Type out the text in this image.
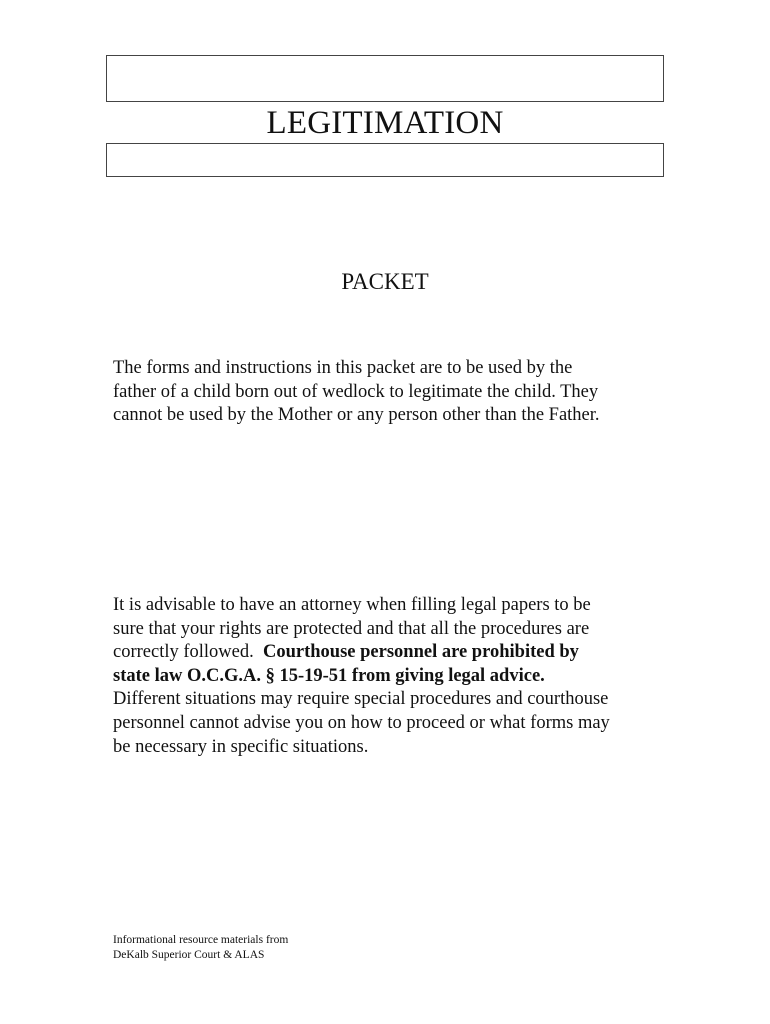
LEGITIMATION
PACKET

The forms and instructions in this packet are to be used by the
father of a child born out of wedlock to legitimate the child. They
cannot be used by the Mother or any person other than the Father.

It is advisable to have an attorney when filling legal papers to be
sure that your rights are protected and that all the procedures are
correctly followed.  Courthouse personnel are prohibited by
state law O.C.G.A. § 15-19-51 from giving legal advice.
Different situations may require special procedures and courthouse
personnel cannot advise you on how to proceed or what forms may
be necessary in specific situations.

Informational resource materials from
DeKalb Superior Court & ALAS
